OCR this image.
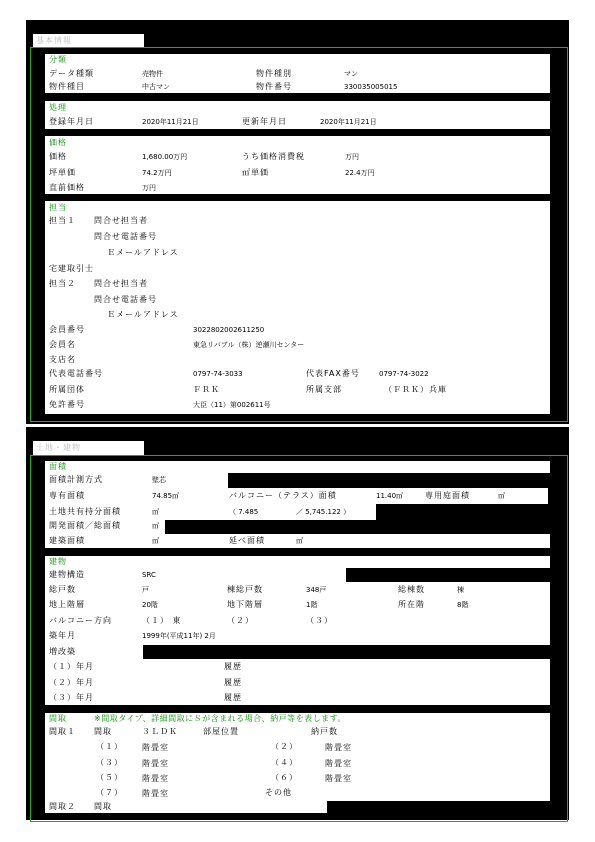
基本情報
分類
データ種類	売物件	物件種別	マン
物件種目	中古マン	物件番号	330035005015
処理
登録年月日	2020年11月21日	更新年月日	2020年11月21日
価格
価格	1,680.00万円	うち価格消費税	万円
坪単価	74.2万円	㎡単価	22.4万円
直前価格	万円
担当
担当１ 問合せ担当者
問合せ電話番号
Ｅメールアドレス
宅建取引士
担当２ 問合せ担当者
問合せ電話番号
Ｅメールアドレス
会員番号	3022802002611250
会員名	東急リバブル（株）逆瀬川センター
支店名
代表電話番号	0797-74-3033	代表FAX番号	0797-74-3022
所属団体	ＦＲＫ	所属支部	（ＦＲＫ）兵庫
免許番号	大臣（11）第002611号
土地・建物
面積
面積計測方式	壁芯
専有面積	74.85㎡	バルコニー（テラス）面積	11.40㎡	専用庭面積	㎡
土地共有持分面積	㎡	（ 7.485	／ 5,745.122 ）
開発面積／総面積	㎡
建築面積	㎡	延べ面積	㎡
建物
建物構造	SRC
総戸数	戸	棟総戸数	348戸	総棟数	棟
地上階層	20階	地下階層	1階	所在階	8階
バルコニー方向	（１） 東	（２）	（３）
築年月	1999年(平成11年) 2月
増改築
（１）年月	履歴
（２）年月	履歴
（３）年月	履歴
間取	※間取タイプ、詳細間取にＳが含まれる場合、納戸等を表します。
間取１ 間取	３ＬＤＫ	部屋位置	納戸数
（１） 階畳室	（２）	階畳室
（３） 階畳室	（４）	階畳室
（５） 階畳室	（６）	階畳室
（７） 階畳室	その他
間取２ 間取
